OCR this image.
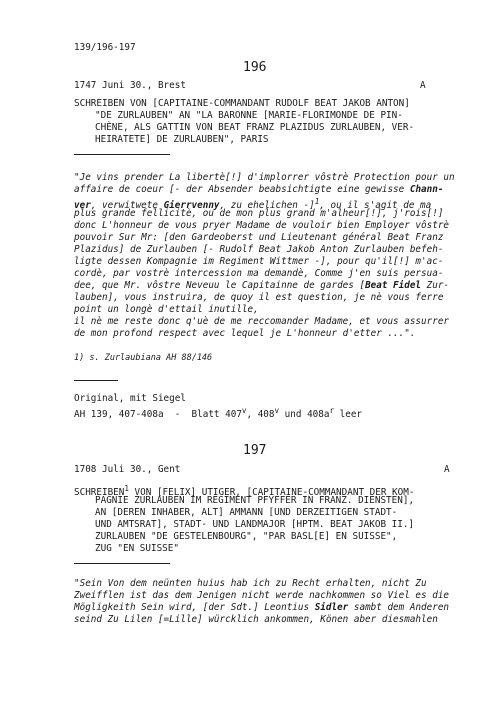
139/196-197
196
1747 Juni 30., Brest	A
SCHREIBEN VON [CAPITAINE-COMMANDANT RUDOLF BEAT JAKOB ANTON]
"DE ZURLAUBEN" AN "LA BARONNE [MARIE-FLORIMONDE DE PIN-
CHÈNE, ALS GATTIN VON BEAT FRANZ PLAZIDUS ZURLAUBEN, VER-
HEIRATETE] DE ZURLAUBEN", PARIS
"Je vins prender La libertè[!] d'implorrer vôstrè Protection pour un
affaire de coeur [- der Absender beabsichtigte eine gewisse Chann-
ver, verwitwete Gierrvenny, zu ehelichen -]$^1$, ou il s'agit de ma
plus grande fellicitè, ou de mon plus grand m'alheur[!], j'rois[!]
donc L'honneur de vous pryer Madame de vouloir bien Employer vôstrè
pouvoir Sur Mr: [den Gardeoberst und Lieutenant général Beat Franz
Plazidus] de Zurlauben [- Rudolf Beat Jakob Anton Zurlauben befeh-
ligte dessen Kompagnie im Regiment Wittmer -], pour qu'il[!] m'ac-
cordè, par vostrè intercession ma demandè, Comme j'en suis persua-
dee, que Mr. vôstre Neveuu le Capitainne de gardes [Beat Fidel Zur-
lauben], vous instruira, de quoy il est question, je nè vous ferre
point un longè d'ettail inutille,
il nè me reste donc q'uè de me reccomander Madame, et vous assurrer
de mon profond respect avec lequel je L'honneur d'etter ...".
1) s. Zurlaubiana AH 88/146
Original, mit Siegel
AH 139, 407-408a  -  Blatt 407$^v$, 408$^v$ und $408a^r$ leer
197
1708 Juli 30., Gent	A
SCHREIBEN$^1$ VON [FELIX] UTIGER, [CAPITAINE-COMMANDANT DER KOM-
PAGNIE ZURLAUBEN IM REGIMENT PFYFFER IN FRANZ. DIENSTEN],
AN [DEREN INHABER, ALT] AMMANN [UND DERZEITIGEN STADT-
UND AMTSRAT], STADT- UND LANDMAJOR [HPTM. BEAT JAKOB II.]
ZURLAUBEN "DE GESTELENBOURG", "PAR BASL[E] EN SUISSE",
ZUG "EN SUISSE"
"Sein Von dem neünten huius hab ich zu Recht erhalten, nicht Zu
Zweifflen ist das dem Jenigen nicht werde nachkommen so Viel es die
Mögligkeith Sein wird, [der Sdt.] Leontius Sidler sambt dem Anderen
seind Zu Lilen [=Lille] würcklich ankommen, Könen aber diesmahlen
